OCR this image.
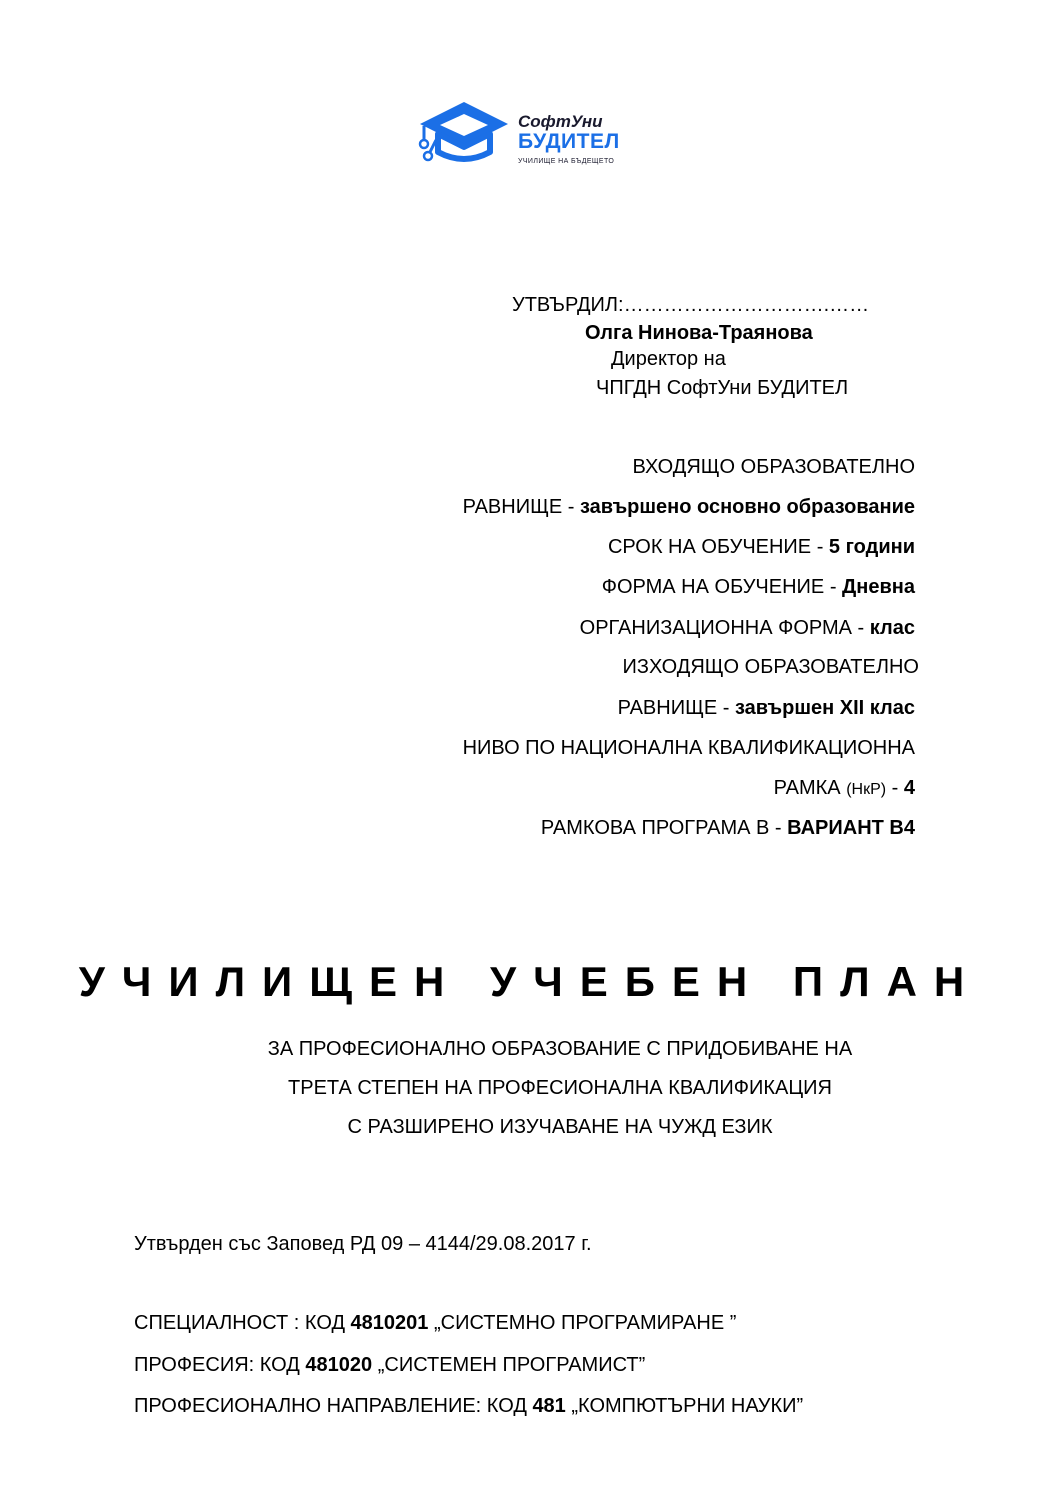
СофтУни
БУДИТЕЛ
УЧИЛИЩЕ НА БЪДЕЩЕТО
УТВЪРДИЛ:………………………….……
Олга Нинова-Траянова
Директор на
ЧПГДН СофтУни БУДИТЕЛ
ВХОДЯЩО ОБРАЗОВАТЕЛНО
РАВНИЩЕ - завършено основно образование
СРОК НА ОБУЧЕНИЕ - 5 години
ФОРМА НА ОБУЧЕНИЕ - Дневна
ОРГАНИЗАЦИОННА ФОРМА - клас
ИЗХОДЯЩО ОБРАЗОВАТЕЛНО
РАВНИЩЕ - завършен XII клас
НИВО ПО НАЦИОНАЛНА КВАЛИФИКАЦИОННА
РАМКА (НкР) - 4
РАМКОВА ПРОГРАМА В - ВАРИАНТ В4
УЧИЛИЩЕН УЧЕБЕН ПЛАН
ЗА ПРОФЕСИОНАЛНО ОБРАЗОВАНИЕ С ПРИДОБИВАНЕ НА
ТРЕТА СТЕПЕН НА ПРОФЕСИОНАЛНА КВАЛИФИКАЦИЯ
С РАЗШИРЕНО ИЗУЧАВАНЕ НА ЧУЖД ЕЗИК
Утвърден със Заповед РД 09 – 4144/29.08.2017 г.
СПЕЦИАЛНОСТ : КОД 4810201 „СИСТЕМНО ПРОГРАМИРАНЕ ”
ПРОФЕСИЯ: КОД 481020 „СИСТЕМЕН ПРОГРАМИСТ”
ПРОФЕСИОНАЛНО НАПРАВЛЕНИЕ: КОД 481 „КОМПЮТЪРНИ НАУКИ”
